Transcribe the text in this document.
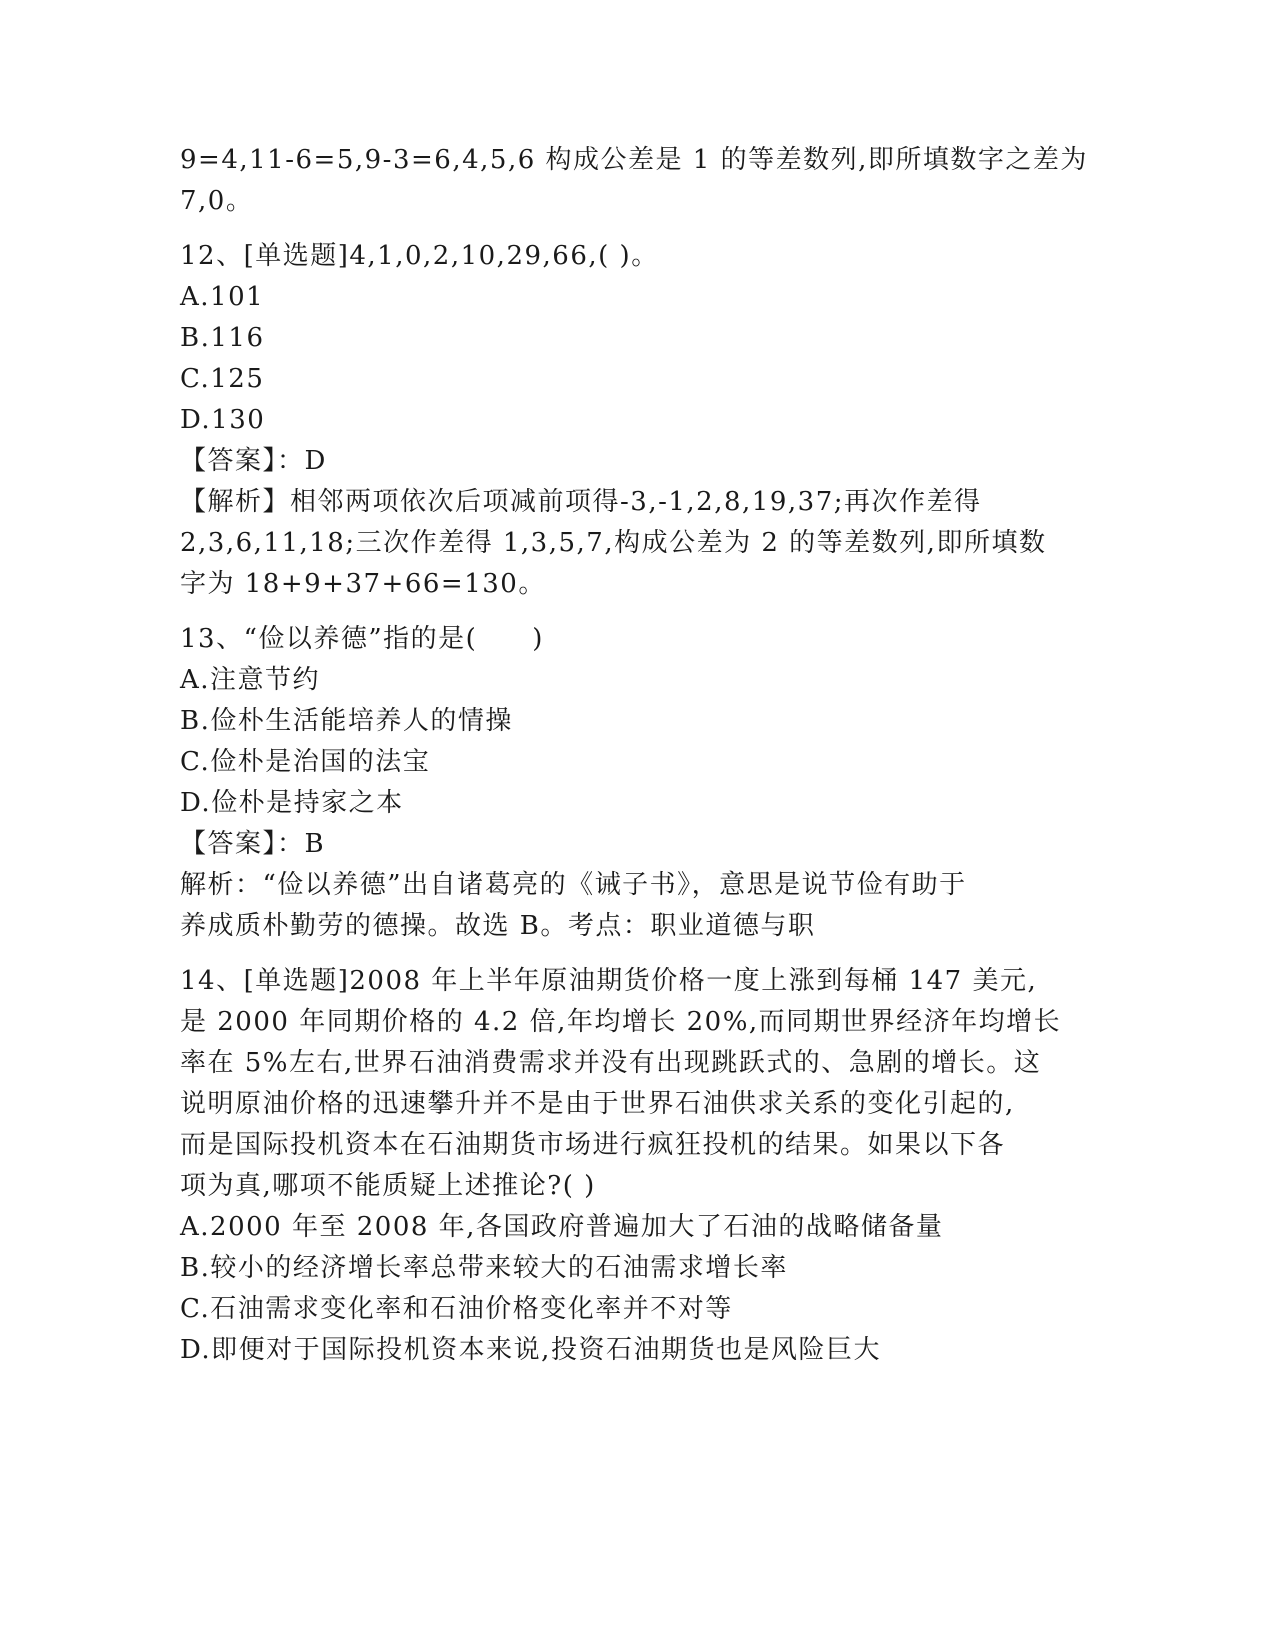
9=4,11-6=5,9-3=6,4,5,6 构成公差是 1 的等差数列,即所填数字之差为
7,0。
12、[单选题]4,1,0,2,10,29,66,( )。
A.101
B.116
C.125
D.130
【答案】：D
【解析】相邻两项依次后项减前项得-3,-1,2,8,19,37;再次作差得
2,3,6,11,18;三次作差得 1,3,5,7,构成公差为 2 的等差数列,即所填数
字为 18+9+37+66=130。
13、“俭以养德”指的是(　　)
A.注意节约
B.俭朴生活能培养人的情操
C.俭朴是治国的法宝
D.俭朴是持家之本
【答案】：B
解析：“俭以养德”出自诸葛亮的《诫子书》，意思是说节俭有助于
养成质朴勤劳的德操。故选 B。考点：职业道德与职
14、[单选题]2008 年上半年原油期货价格一度上涨到每桶 147 美元,
是 2000 年同期价格的 4.2 倍,年均增长 20%,而同期世界经济年均增长
率在 5%左右,世界石油消费需求并没有出现跳跃式的、急剧的增长。这
说明原油价格的迅速攀升并不是由于世界石油供求关系的变化引起的,
而是国际投机资本在石油期货市场进行疯狂投机的结果。如果以下各
项为真,哪项不能质疑上述推论?( )
A.2000 年至 2008 年,各国政府普遍加大了石油的战略储备量
B.较小的经济增长率总带来较大的石油需求增长率
C.石油需求变化率和石油价格变化率并不对等
D.即便对于国际投机资本来说,投资石油期货也是风险巨大
